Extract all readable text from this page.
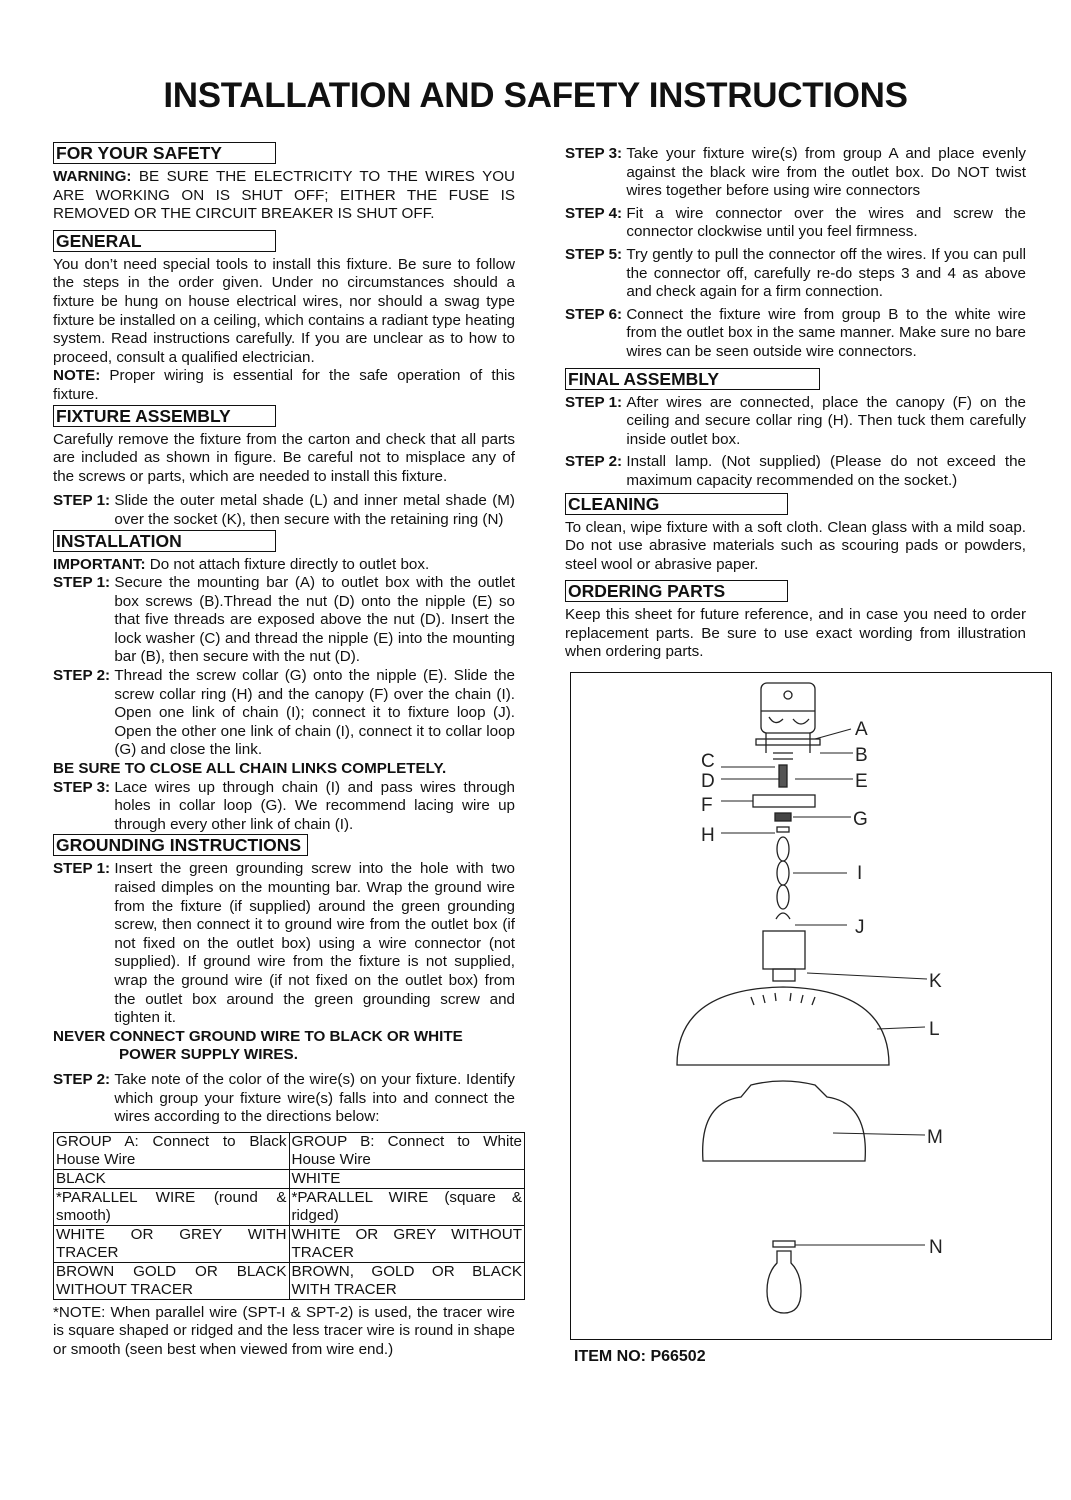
INSTALLATION AND SAFETY INSTRUCTIONS
FOR YOUR SAFETY

WARNING: BE SURE THE ELECTRICITY TO THE WIRES YOU ARE WORKING ON IS SHUT OFF; EITHER THE FUSE IS REMOVED OR THE CIRCUIT BREAKER IS SHUT OFF.

GENERAL

You don’t need special tools to install this fixture. Be sure to follow the steps in the order given. Under no circumstances should a fixture be hung on house electrical wires, nor should a swag type fixture be installed on a ceiling, which contains a radiant type heating system. Read instructions carefully. If you are unclear as to how to proceed, consult a qualified electrician.

NOTE: Proper wiring is essential for the safe operation of this fixture.

FIXTURE ASSEMBLY

Carefully remove the fixture from the carton and check that all parts are included as shown in figure. Be careful not to misplace any of the screws or parts, which are needed to install this fixture.

STEP 1: Slide the outer metal shade (L) and inner metal shade (M) over the socket (K), then secure with the retaining ring (N)
INSTALLATION

IMPORTANT: Do not attach fixture directly to outlet box.

STEP 1: Secure the mounting bar (A) to outlet box with the outlet box screws (B).Thread the nut (D) onto the nipple (E) so that five threads are exposed above the nut (D). Insert the lock washer (C) and thread the nipple (E) into the mounting bar (B), then secure with the nut (D).
STEP 2: Thread the screw collar (G) onto the nipple (E). Slide the screw collar ring (H) and the canopy (F) over the chain (I). Open one link of chain (I); connect it to fixture loop (J). Open the other one link of chain (I), connect it to collar loop (G) and close the link.

BE SURE TO CLOSE ALL CHAIN LINKS COMPLETELY.

STEP 3: Lace wires up through chain (I) and pass wires through holes in collar loop (G). We recommend lacing wire up through every other link of chain (I).
GROUNDING INSTRUCTIONS
STEP 1: Insert the green grounding screw into the hole with two raised dimples on the mounting bar. Wrap the ground wire from the fixture (if supplied) around the green grounding screw, then connect it to ground wire from the outlet box (if not fixed on the outlet box) using a wire connector (not supplied). If ground wire from the fixture is not supplied, wrap the ground wire (if not fixed on the outlet box) from the outlet box around the green grounding screw and tighten it.

NEVER CONNECT GROUND WIRE TO BLACK OR WHITE

POWER SUPPLY WIRES.

STEP 2: Take note of the color of the wire(s) on your fixture. Identify which group your fixture wire(s) falls into and connect the wires according to the directions below:
GROUP A: Connect to Black House Wire	GROUP B: Connect to White House Wire
BLACK	WHITE
*PARALLEL WIRE (round & smooth)	*PARALLEL WIRE (square & ridged)
WHITE OR GREY WITH TRACER	WHITE OR GREY WITHOUT TRACER
BROWN GOLD OR BLACK WITHOUT TRACER	BROWN, GOLD OR BLACK WITH TRACER

*NOTE: When parallel wire (SPT-I & SPT-2) is used, the tracer wire is square shaped or ridged and the less tracer wire is round in shape or smooth (seen best when viewed from wire end.)

STEP 3: Take your fixture wire(s) from group A and place evenly against the black wire from the outlet box. Do NOT twist wires together before using wire connectors
STEP 4: Fit a wire connector over the wires and screw the connector clockwise until you feel firmness.
STEP 5: Try gently to pull the connector off the wires. If you can pull the connector off, carefully re-do steps 3 and 4 as above and check again for a firm connection.
STEP 6: Connect the fixture wire from group B to the white wire from the outlet box in the same manner. Make sure no bare wires can be seen outside wire connectors.
FINAL ASSEMBLY
STEP 1: After wires are connected, place the canopy (F) on the ceiling and secure collar ring (H). Then tuck them carefully inside outlet box.
STEP 2: Install lamp. (Not supplied) (Please do not exceed the maximum capacity recommended on the socket.)
CLEANING

To clean, wipe fixture with a soft cloth. Clean glass with a mild soap. Do not use abrasive materials such as scouring pads or powders, steel wool or abrasive paper.

ORDERING PARTS

Keep this sheet for future reference, and in case you need to order replacement parts. Be sure to use exact wording from illustration when ordering parts.

A
B
C
D	E
F
G
H
I
J
K
L
M
N
ITEM NO: P66502
